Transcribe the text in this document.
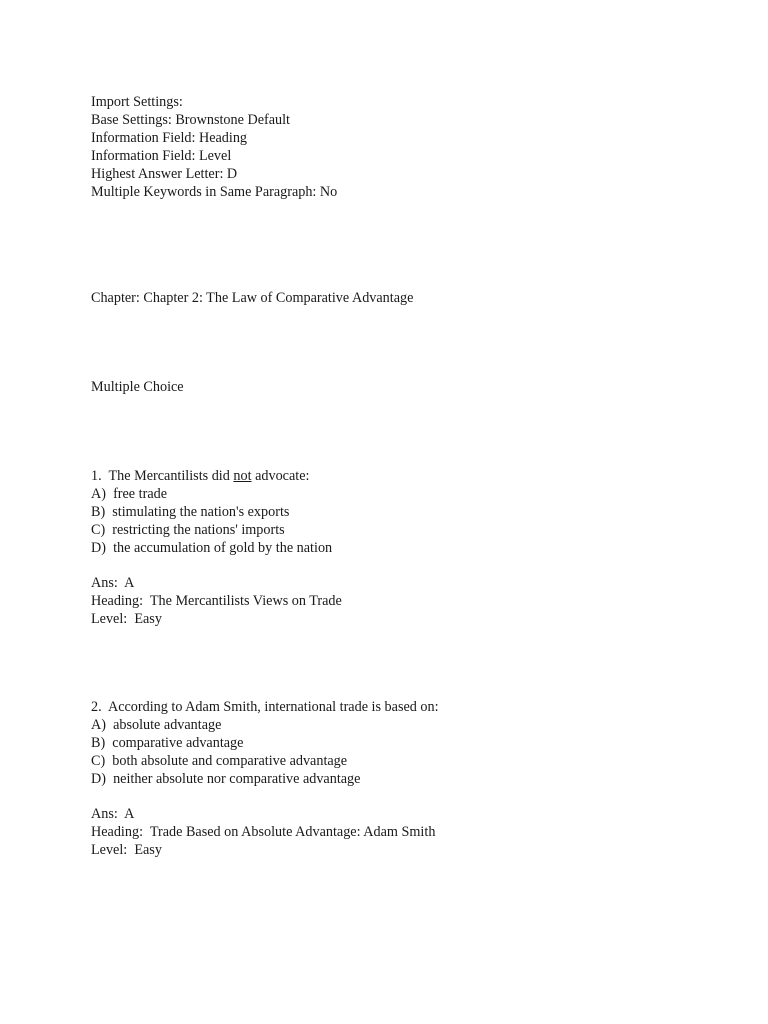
Import Settings:
Base Settings: Brownstone Default
Information Field: Heading
Information Field: Level
Highest Answer Letter: D
Multiple Keywords in Same Paragraph: No
Chapter: Chapter 2: The Law of Comparative Advantage
Multiple Choice
1.  The Mercantilists did not advocate:
A)  free trade
B)  stimulating the nation's exports
C)  restricting the nations' imports
D)  the accumulation of gold by the nation

Ans:  A
Heading:  The Mercantilists Views on Trade
Level:  Easy
2.  According to Adam Smith, international trade is based on:
A)  absolute advantage
B)  comparative advantage
C)  both absolute and comparative advantage
D)  neither absolute nor comparative advantage

Ans:  A
Heading:  Trade Based on Absolute Advantage: Adam Smith
Level:  Easy
